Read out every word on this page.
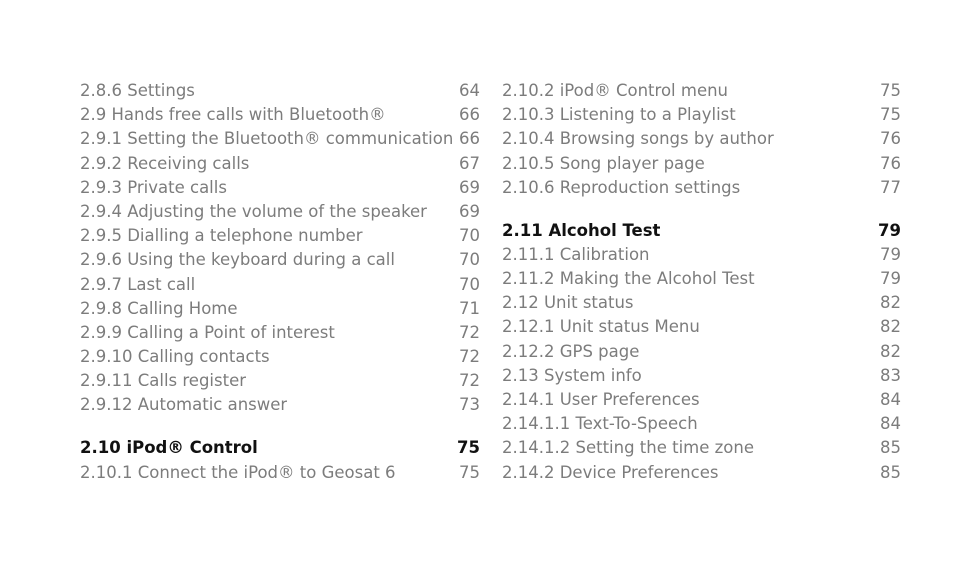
2.8.6 Settings	64
2.9 Hands free calls with Bluetooth®	66
2.9.1 Setting the Bluetooth® communication 66
2.9.2 Receiving calls	67
2.9.3 Private calls	69
2.9.4 Adjusting the volume of the speaker 69
2.9.5 Dialling a telephone number	70
2.9.6 Using the keyboard during a call	70
2.9.7 Last call	70
2.9.8 Calling Home	71
2.9.9 Calling a Point of interest	72
2.9.10 Calling contacts	72
2.9.11 Calls register	72
2.9.12 Automatic answer	73
2.10 iPod® Control	75
2.10.1 Connect the iPod® to Geosat 6	75
2.10.2 iPod® Control menu	75
2.10.3 Listening to a Playlist	75
2.10.4 Browsing songs by author	76
2.10.5 Song player page	76
2.10.6 Reproduction settings	77
2.11 Alcohol Test	79
2.11.1 Calibration	79
2.11.2 Making the Alcohol Test	79
2.12 Unit status	82
2.12.1 Unit status Menu	82
2.12.2 GPS page	82
2.13 System info	83
2.14.1 User Preferences	84
2.14.1.1 Text-To-Speech	84
2.14.1.2 Setting the time zone	85
2.14.2 Device Preferences	85
